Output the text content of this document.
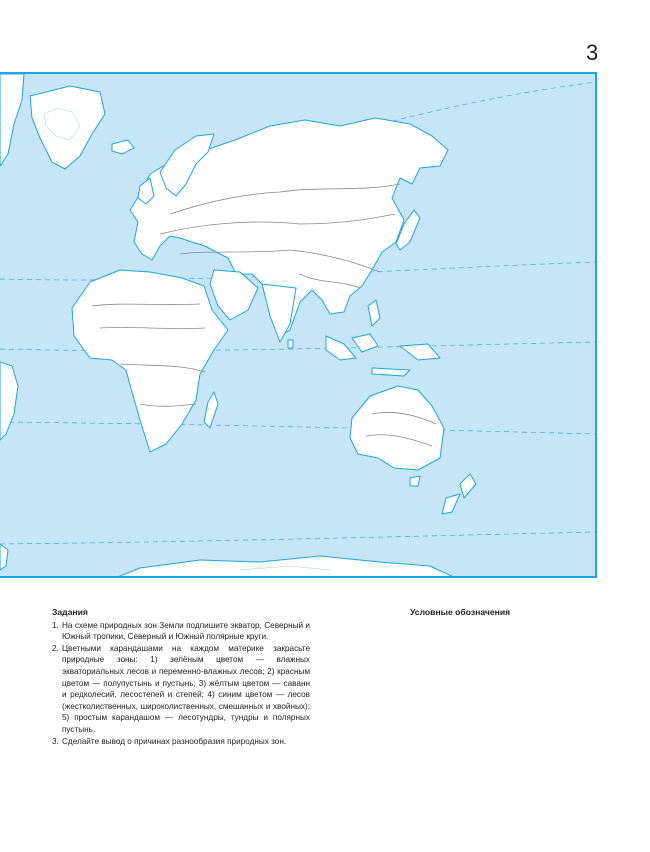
3
Задания
1. На схеме природных зон Земли подпишите экватор, Северный и Южный тропики, Северный и Южный полярные круги.
2. Цветными карандашами на каждом материке закрасьте природные зоны: 1) зелёным цветом — влажных экваториальных лесов и переменно-влажных лесов; 2) красным цветом — полупустынь и пустынь; 3) жёлтым цветом — саванн и редколесий, лесостепей и степей; 4) синим цветом — лесов (жестколиственных, широколиственных, смешанных и хвойных); 5) простым карандашом — лесотундры, тундры и полярных пустынь.
3. Сделайте вывод о причинах разнообразия природных зон.
Условные обозначения
